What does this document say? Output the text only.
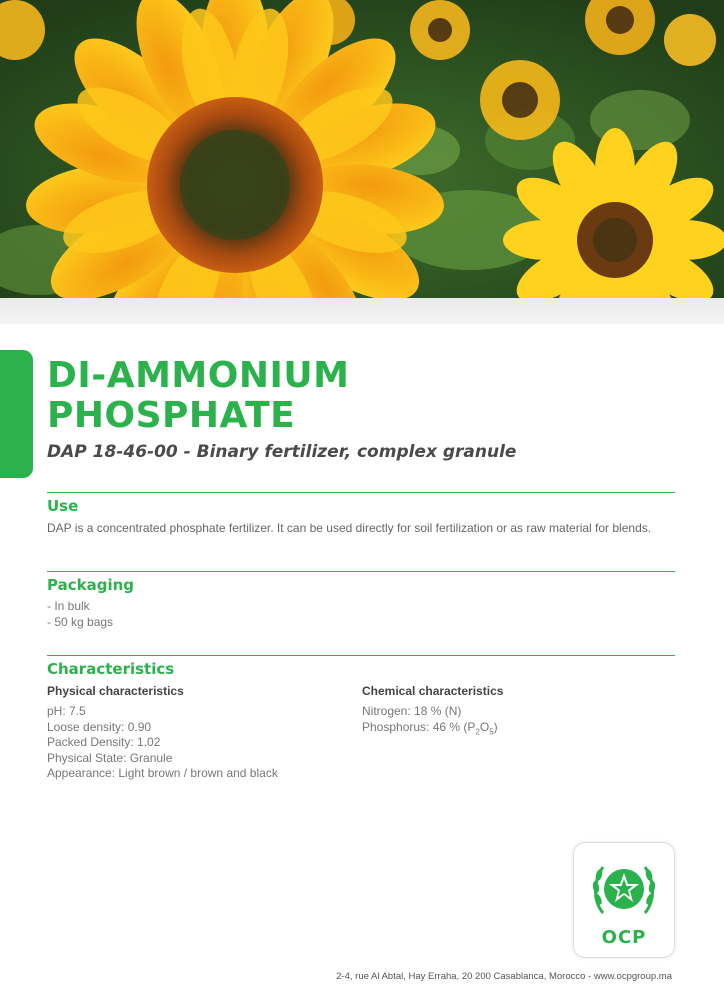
DI-AMMONIUM
PHOSPHATE

DAP 18-46-00 - Binary fertilizer, complex granule

Use
DAP is a concentrated phosphate fertilizer. It can be used directly for soil fertilization or as raw material for blends.
Packaging
- In bulk
- 50 kg bags
Characteristics
Physical characteristics
pH: 7.5
Loose density: 0.90
Packed Density: 1.02
Physical State: Granule
Appearance: Light brown / brown and black
Chemical characteristics
Nitrogen: 18 % (N)
Phosphorus: 46 % $(P_2O_5)$
OCP
2-4, rue Al Abtal, Hay Erraha, 20 200 Casablanca, Morocco - www.ocpgroup.ma
